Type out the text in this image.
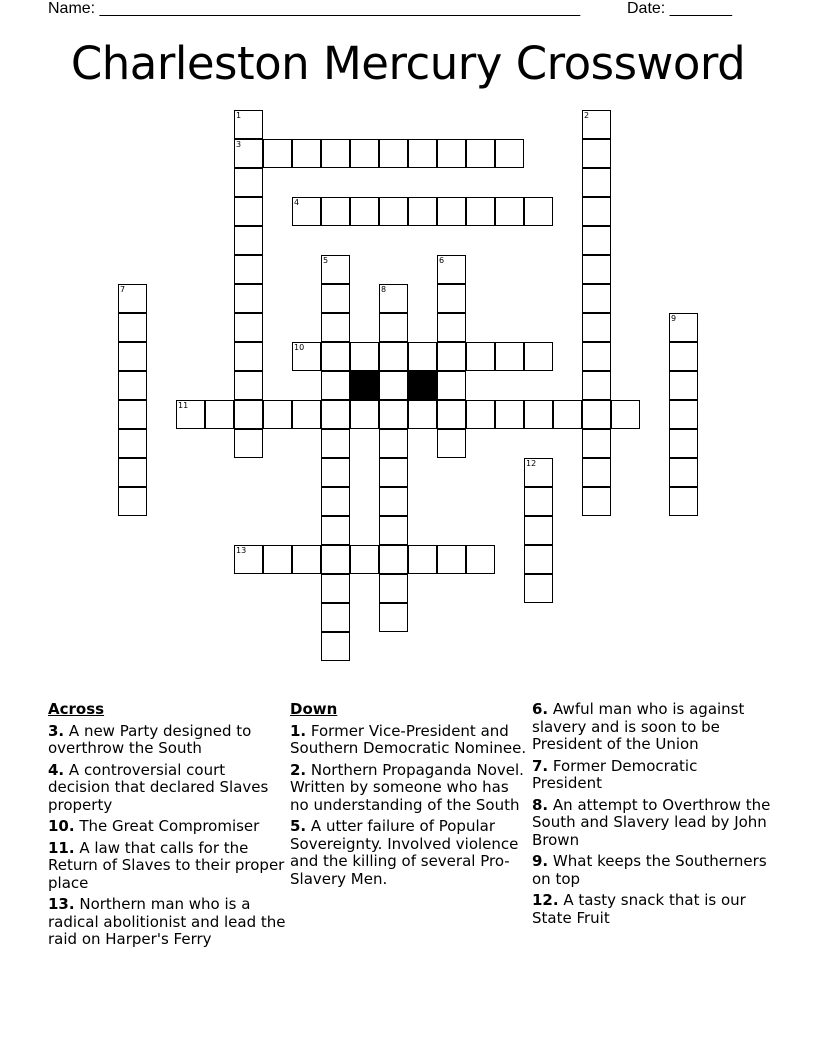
Name: ______________________________________________________	Date: _______
Charleston Mercury Crossword
1
3
2
4
5	6
7	8
9
10
11
12
13
Across
3. A new Party designed to overthrow the South
4. A controversial court decision that declared Slaves property
10. The Great Compromiser
11. A law that calls for the Return of Slaves to their proper place
13. Northern man who is a radical abolitionist and lead the raid on Harper's Ferry
Down
1. Former Vice-President and Southern Democratic Nominee.
2. Northern Propaganda Novel. Written by someone who has no understanding of the South
5. A utter failure of Popular Sovereignty. Involved violence and the killing of several Pro-Slavery Men.
6. Awful man who is against slavery and is soon to be President of the Union
7. Former Democratic President
8. An attempt to Overthrow the South and Slavery lead by John Brown
9. What keeps the Southerners on top
12. A tasty snack that is our State Fruit
